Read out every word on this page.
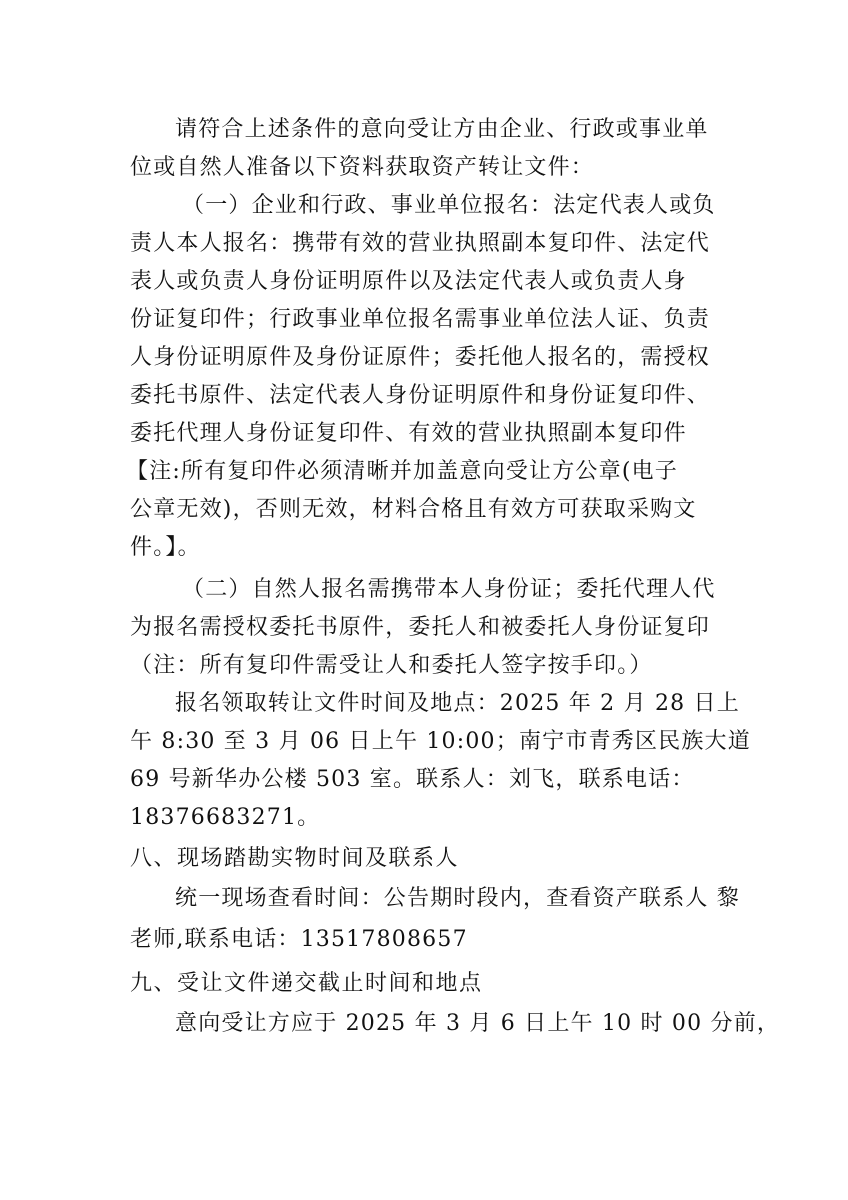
请符合上述条件的意向受让方由企业、行政或事业单
位或自然人准备以下资料获取资产转让文件：
（一）企业和行政、事业单位报名：法定代表人或负
责人本人报名：携带有效的营业执照副本复印件、法定代
表人或负责人身份证明原件以及法定代表人或负责人身
份证复印件；行政事业单位报名需事业单位法人证、负责
人身份证明原件及身份证原件；委托他人报名的，需授权
委托书原件、法定代表人身份证明原件和身份证复印件、
委托代理人身份证复印件、有效的营业执照副本复印件
【注:所有复印件必须清晰并加盖意向受让方公章(电子
公章无效)，否则无效，材料合格且有效方可获取采购文
件。】。
（二）自然人报名需携带本人身份证；委托代理人代
为报名需授权委托书原件，委托人和被委托人身份证复印
（注：所有复印件需受让人和委托人签字按手印。）
报名领取转让文件时间及地点：2025 年 2 月 28 日上
午 8:30 至 3 月 06 日上午 10:00；南宁市青秀区民族大道
69 号新华办公楼 503 室。联系人：刘飞，联系电话：
18376683271。
八、现场踏勘实物时间及联系人
统一现场查看时间：公告期时段内，查看资产联系人 黎
老师,联系电话：13517808657
九、受让文件递交截止时间和地点
意向受让方应于 2025 年 3 月 6 日上午 10 时 00 分前，
